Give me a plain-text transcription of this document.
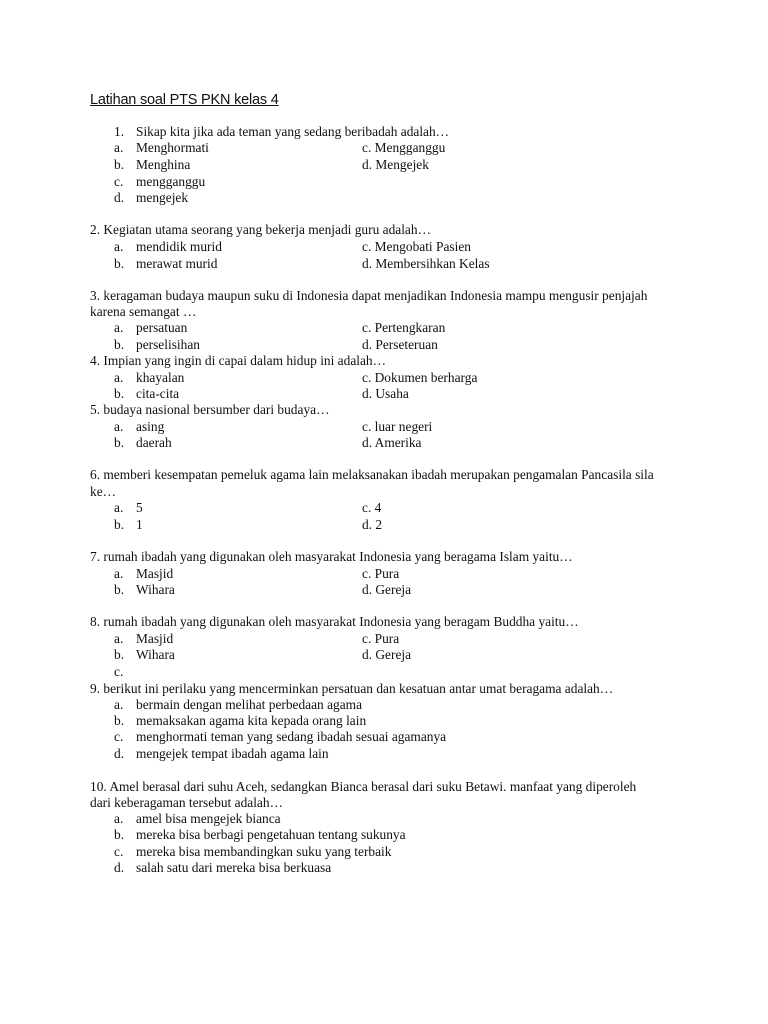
Latihan soal PTS PKN kelas 4
1. Sikap kita jika ada teman yang sedang beribadah adalah…
a. Menghormati	c. Mengganggu
b. Menghina	d. Mengejek
c. mengganggu
d. mengejek
2. Kegiatan utama seorang yang bekerja menjadi guru adalah…
a. mendidik murid	c. Mengobati Pasien
b. merawat murid	d. Membersihkan Kelas
3. keragaman budaya maupun suku di Indonesia dapat menjadikan Indonesia mampu mengusir penjajah
karena semangat …
a. persatuan	c. Pertengkaran
b. perselisihan	d. Perseteruan
4. Impian yang ingin di capai dalam hidup ini adalah…
a. khayalan	c. Dokumen berharga
b. cita-cita	d. Usaha
5. budaya nasional bersumber dari budaya…
a. asing	c. luar negeri
b. daerah	d. Amerika
6. memberi kesempatan pemeluk agama lain melaksanakan ibadah merupakan pengamalan Pancasila sila
ke…
a. 5	c. 4
b. 1	d. 2
7. rumah ibadah yang digunakan oleh masyarakat Indonesia yang beragama Islam yaitu…
a. Masjid	c. Pura
b. Wihara	d. Gereja
8. rumah ibadah yang digunakan oleh masyarakat Indonesia yang beragam Buddha yaitu…
a. Masjid	c. Pura
b. Wihara	d. Gereja
c.
9. berikut ini perilaku yang mencerminkan persatuan dan kesatuan antar umat beragama adalah…
a. bermain dengan melihat perbedaan agama
b. memaksakan agama kita kepada orang lain
c. menghormati teman yang sedang ibadah sesuai agamanya
d. mengejek tempat ibadah agama lain
10. Amel berasal dari suhu Aceh, sedangkan Bianca berasal dari suku Betawi. manfaat yang diperoleh
dari keberagaman tersebut adalah…
a. amel bisa mengejek bianca
b. mereka bisa berbagi pengetahuan tentang sukunya
c. mereka bisa membandingkan suku yang terbaik
d. salah satu dari mereka bisa berkuasa
